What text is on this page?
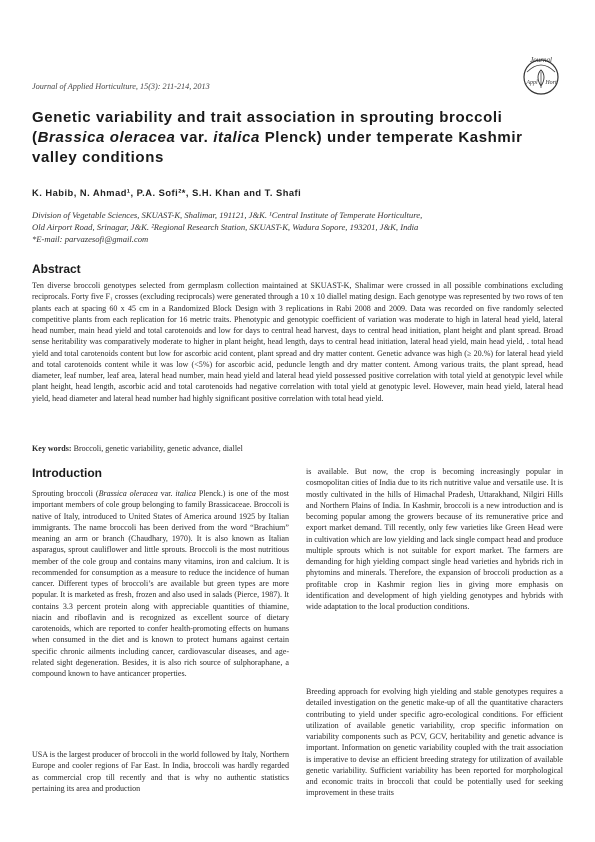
Journal of Applied Horticulture, 15(3): 211-214, 2013
Journal
Appl Hort
Genetic variability and trait association in sprouting broccoli (Brassica oleracea var. italica Plenck) under temperate Kashmir valley conditions
K. Habib, N. Ahmad¹, P.A. Sofi²*, S.H. Khan and T. Shafi
Division of Vegetable Sciences, SKUAST-K, Shalimar, 191121, J&K. ¹Central Institute of Temperate Horticulture,
Old Airport Road, Srinagar, J&K. ²Regional Research Station, SKUAST-K, Wadura Sopore, 193201, J&K, India
*E-mail: parvazesofi@gmail.com
Abstract
Ten diverse broccoli genotypes selected from germplasm collection maintained at SKUAST-K, Shalimar were crossed in all possible combinations excluding reciprocals. Forty five F₁ crosses (excluding reciprocals) were generated through a 10 x 10 diallel mating design. Each genotype was represented by two rows of ten plants each at spacing 60 x 45 cm in a Randomized Block Design with 3 replications in Rabi 2008 and 2009. Data was recorded on five randomly selected competitive plants from each replication for 16 metric traits. Phenotypic and genotypic coefficient of variation was moderate to high in lateral head yield, lateral head number, main head yield and total carotenoids and low for days to central head harvest, days to central head initiation, plant height and plant spread. Broad sense heritability was comparatively moderate to higher in plant height, head length, days to central head initiation, lateral head yield, main head yield, . total head yield and total carotenoids content but low for ascorbic acid content, plant spread and dry matter content. Genetic advance was high (≥ 20.%) for lateral head yield and total carotenoids content while it was low (<5%) for ascorbic acid, peduncle length and dry matter content. Among various traits, the plant spread, head diameter, leaf number, leaf area, lateral head number, main head yield and lateral head yield possessed positive correlation with total yield at genotypic level while plant height, head length, ascorbic acid and total carotenoids had negative correlation with total yield at genotypic level. However, main head yield, lateral head yield, head diameter and lateral head number had highly significant positive correlation with total head yield.
Key words: Broccoli, genetic variability, genetic advance, diallel
Introduction
Sprouting broccoli (Brassica oleracea var. italica Plenck.) is one of the most important members of cole group belonging to family Brassicaceae. Broccoli is native of Italy, introduced to United States of America around 1925 by Italian immigrants. The name broccoli has been derived from the word “Brachium” meaning an arm or branch (Chaudhary, 1970). It is also known as Italian asparagus, sprout cauliflower and little sprouts. Broccoli is the most nutritious member of the cole group and contains many vitamins, iron and calcium. It is recommended for consumption as a measure to reduce the incidence of human cancer. Different types of broccoli’s are available but green types are more popular. It is marketed as fresh, frozen and also used in salads (Pierce, 1987). It contains 3.3 percent protein along with appreciable quantities of thiamine, niacin and riboflavin and is recognized as excellent source of dietary carotenoids, which are reported to confer health-promoting effects on humans when consumed in the diet and is known to protect humans against certain specific chronic ailments including cancer, cardiovascular diseases, and age-related sight degeneration. Besides, it is also rich source of sulphoraphane, a compound known to have anticancer properties.
USA is the largest producer of broccoli in the world followed by Italy, Northern Europe and cooler regions of Far East. In India, broccoli was hardly regarded as commercial crop till recently and that is why no authentic statistics pertaining its area and production
is available. But now, the crop is becoming increasingly popular in cosmopolitan cities of India due to its rich nutritive value and versatile use. It is mostly cultivated in the hills of Himachal Pradesh, Uttarakhand, Nilgiri Hills and Northern Plains of India. In Kashmir, broccoli is a new introduction and is becoming popular among the growers because of its remunerative price and export market demand. Till recently, only few varieties like Green Head were in cultivation which are low yielding and lack single compact head and produce multiple sprouts which is not suitable for export market. The farmers are demanding for high yielding compact single head varieties and hybrids rich in phytomins and minerals. Therefore, the expansion of broccoli production as a profitable crop in Kashmir region lies in giving more emphasis on identification and development of high yielding genotypes and hybrids with wide adaptation to the local production conditions.
Breeding approach for evolving high yielding and stable genotypes requires a detailed investigation on the genetic make-up of all the quantitative characters contributing to yield under specific agro-ecological conditions. For efficient utilization of available genetic variability, crop specific information on variability components such as PCV, GCV, heritability and genetic advance is important. Information on genetic variability coupled with the trait association is imperative to devise an efficient breeding strategy for utilization of available genetic variability. Sufficient variability has been reported for morphological and economic traits in broccoli that could be potentially used for seeking improvement in these traits
